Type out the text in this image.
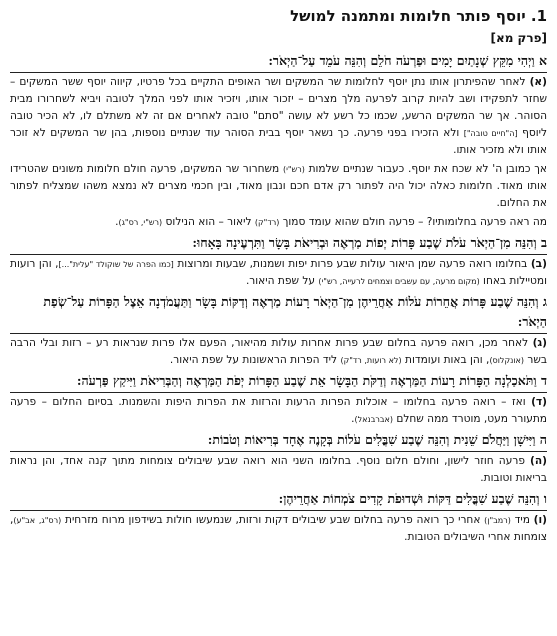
1. יוסף פותר חלומות ומתמנה למושל
[פרק מא]
א וַיְהִי מִקֵּץ שְׁנָתַיִם יָמִים וּפַרְעֹה חֹלֵם וְהִנֵּה עֹמֵד עַל־הַיְאֹר:
(א) לאחר שהפיתרון אותו נתן יוסף לחלומות שר המשקים ושר האופים התקיים בכל פרטיו, קיווה יוסף ששר המשקים – שחזר לתפקידו ושב להיות קרוב לפרעה מלך מצרים – יזכור אותו, ויזכיר אותו לפני המלך לטובה ויביא לשחרורו מבית הסוהר. אך שר המשקים הרשע, שכמו כל רשע לא עושה "סתם" טובה לאחרים אם זה לא משתלם לו, לא הכיר טובה ליוסף [ה"חיים טובה"] ולא הזכירו בפני פרעה. כך נשאר יוסף בבית הסוהר עוד שנתיים נוספות, בהן שר המשקים לא זוכר אותו ולא מזכיר אותו.
אך כמובן ה' לא שכח את יוסף. כעבור שנתיים שלמות (רש"י) משחרור שר המשקים, פרעה חולם חלומות משונים שהטרידו אותו מאוד. חלומות כאלה יכול היה לפתור רק אדם חכם ונבון מאוד, ובין חכמי מצרים לא נמצא משהו שמצליח לפתור את החלום.
מה ראה פרעה בחלומותיו? – פרעה חולם שהוא עומד סמוך (רד"ק) ליאור – הוא הנילוס (רש"י, רס"ג).
ב וְהִנֵּה מִן־הַיְאֹר עֹלֹת שֶׁבַע פָּרוֹת יְפוֹת מַרְאֶה וּבְרִיאֹת בָּשָׂר וַתִּרְעֶינָה בָּאָחוּ:
(ב) בחלומו רואה פרעה שמן היאור עולות שבע פרות יפות ושמנות, שבעות ומרוצות [כמו הפרה של שוקולד "עלית"...], והן רועות ומטיילות באחו (מקום מרעה, עם עשבים וצמחים לרעייה, רש"י) על שפת היאור.
ג וְהִנֵּה שֶׁבַע פָּרוֹת אֲחֵרוֹת עֹלוֹת אַחֲרֵיהֶן מִן־הַיְאֹר רָעוֹת מַרְאֶה וְדַקּוֹת בָּשָׂר וַתַּעֲמֹדְנָה אֵצֶל הַפָּרוֹת עַל־שְׂפַת הַיְאֹר:
(ג) לאחר מכן, רואה פרעה בחלום שבע פרות אחרות עולות מהיאור, הפעם אלו פרות שנראות רע – רזות ובלי הרבה בשר (אונקלוס), והן באות ועומדות (לא רועות, רד"ק) ליד הפרות הראשונות על שפת היאור.
ד וַתֹּאכַלְנָה הַפָּרוֹת רָעוֹת הַמַּרְאֶה וְדַקֹּת הַבָּשָׂר אֵת שֶׁבַע הַפָּרוֹת יְפֹת הַמַּרְאֶה וְהַבְּרִיאֹת וַיִּיקַץ פַּרְעֹה:
(ד) ואז – רואה פרעה בחלומו – אוכלות הפרות הרעות והרזות את הפרות היפות והשמנות. בסיום החלום – פרעה מתעורר מעט, מוטרד ממה שחלם (אברבנאל).
ה וַיִּישָׁן וַיַּחֲלֹם שֵׁנִית וְהִנֵּה שֶׁבַע שִׁבֳּלִים עֹלוֹת בְּקָנֶה אֶחָד בְּרִיאוֹת וְטֹבוֹת:
(ה) פרעה חוזר לישון, וחולם חלום נוסף. בחלומו השני הוא רואה שבע שיבולים צומחות מתוך קנה אחד, והן נראות בריאות וטובות.
ו וְהִנֵּה שֶׁבַע שִׁבֳּלִים דַּקּוֹת וּשְׁדוּפֹת קָדִים צֹמְחוֹת אַחֲרֵיהֶן:
(ו) מיד (רמב"ן) אחרי כך רואה פרעה בחלום שבע שיבולים דקות ורזות, שנמעשו חולות בשידפון מרוח מזרחית (רס"ג, אב"ע), צומחות אחרי השיבולים הטובות.
